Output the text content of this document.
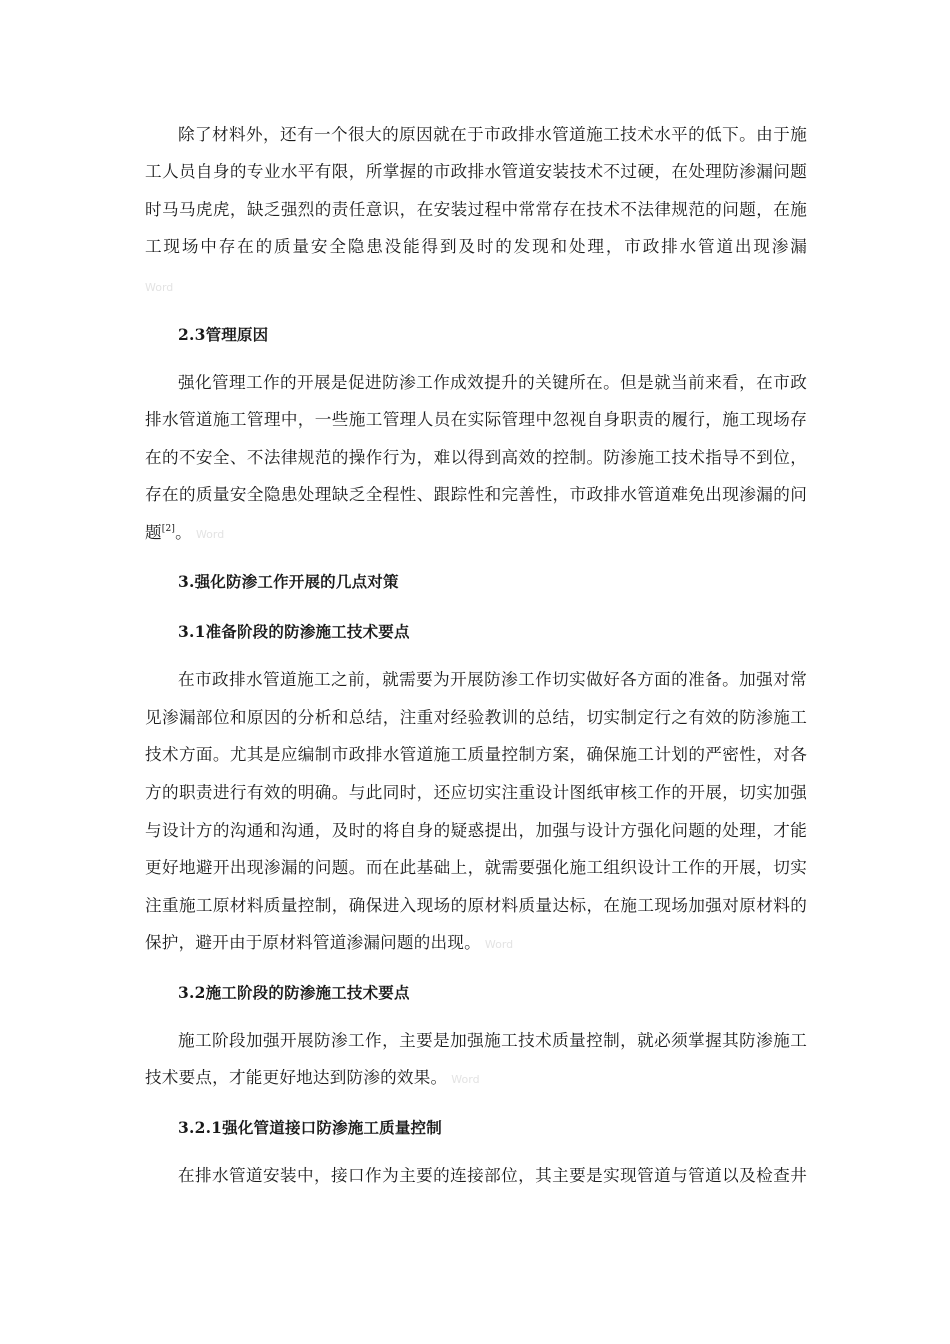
除了材料外，还有一个很大的原因就在于市政排水管道施工技术水平的低下。由于施
工人员自身的专业水平有限，所掌握的市政排水管道安装技术不过硬，在处理防渗漏问题
时马马虎虎，缺乏强烈的责任意识，在安装过程中常常存在技术不法律规范的问题，在施
工现场中存在的质量安全隐患没能得到及时的发现和处理，市政排水管道出现渗漏
Word
2.3管理原因
强化管理工作的开展是促进防渗工作成效提升的关键所在。但是就当前来看，在市政
排水管道施工管理中，一些施工管理人员在实际管理中忽视自身职责的履行，施工现场存
在的不安全、不法律规范的操作行为，难以得到高效的控制。防渗施工技术指导不到位，
存在的质量安全隐患处理缺乏全程性、跟踪性和完善性，市政排水管道难免出现渗漏的问
题[2]。 Word
3.强化防渗工作开展的几点对策
3.1准备阶段的防渗施工技术要点
在市政排水管道施工之前，就需要为开展防渗工作切实做好各方面的准备。加强对常
见渗漏部位和原因的分析和总结，注重对经验教训的总结，切实制定行之有效的防渗施工
技术方面。尤其是应编制市政排水管道施工质量控制方案，确保施工计划的严密性，对各
方的职责进行有效的明确。与此同时，还应切实注重设计图纸审核工作的开展，切实加强
与设计方的沟通和沟通，及时的将自身的疑惑提出，加强与设计方强化问题的处理，才能
更好地避开出现渗漏的问题。而在此基础上，就需要强化施工组织设计工作的开展，切实
注重施工原材料质量控制，确保进入现场的原材料质量达标，在施工现场加强对原材料的
保护，避开由于原材料管道渗漏问题的出现。 Word
3.2施工阶段的防渗施工技术要点
施工阶段加强开展防渗工作，主要是加强施工技术质量控制，就必须掌握其防渗施工
技术要点，才能更好地达到防渗的效果。 Word
3.2.1强化管道接口防渗施工质量控制
在排水管道安装中，接口作为主要的连接部位，其主要是实现管道与管道以及检查井
